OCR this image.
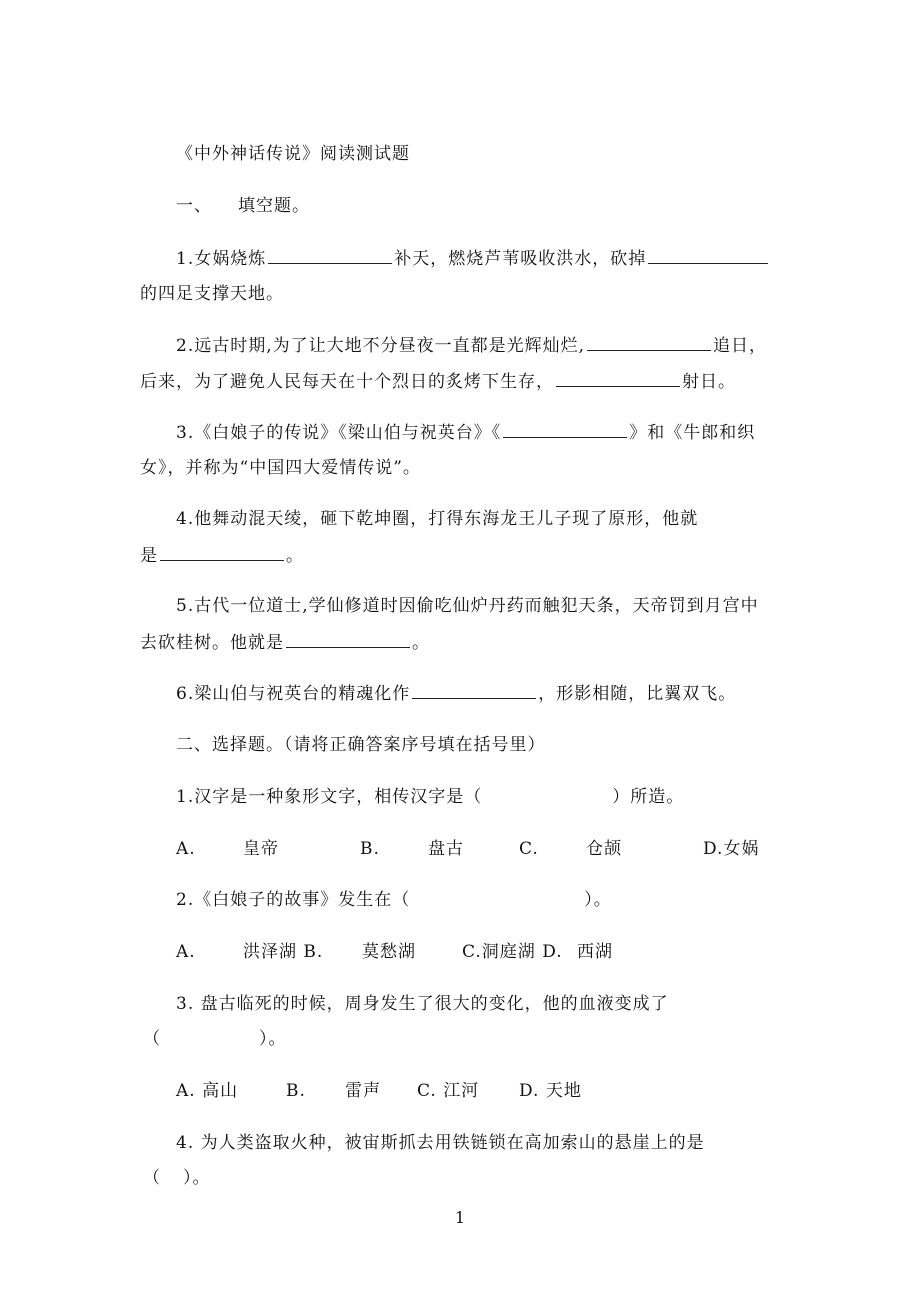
《中外神话传说》阅读测试题
一、 填空题。
1.女娲烧炼	补天，燃烧芦苇吸收洪水，砍掉
的四足支撑天地。
2.远古时期,为了让大地不分昼夜一直都是光辉灿烂,	追日，
后来，为了避免人民每天在十个烈日的炙烤下生存，	射日。
3.《白娘子的传说》《梁山伯与祝英台》《	》和《牛郎和织
女》，并称为“中国四大爱情传说”。
4.他舞动混天绫，砸下乾坤圈，打得东海龙王儿子现了原形，他就
是	。
5.古代一位道士,学仙修道时因偷吃仙炉丹药而触犯天条，天帝罚到月宫中
去砍桂树。他就是	。
6.梁山伯与祝英台的精魂化作	，形影相随，比翼双飞。
二、选择题。（请将正确答案序号填在括号里）
1.汉字是一种象形文字，相传汉字是（	）所造。
A.	皇帝	B.	盘古	C.	仓颉	D.女娲
2.《白娘子的故事》发生在（	）。
A.	洪泽湖 B. 莫愁湖	C.洞庭湖 D. 西湖
3. 盘古临死的时候，周身发生了很大的变化，他的血液变成了
（	）。
A. 高山	B. 雷声 C. 江河 D. 天地
4. 为人类盗取火种，被宙斯抓去用铁链锁在高加索山的悬崖上的是
（ ）。
1
